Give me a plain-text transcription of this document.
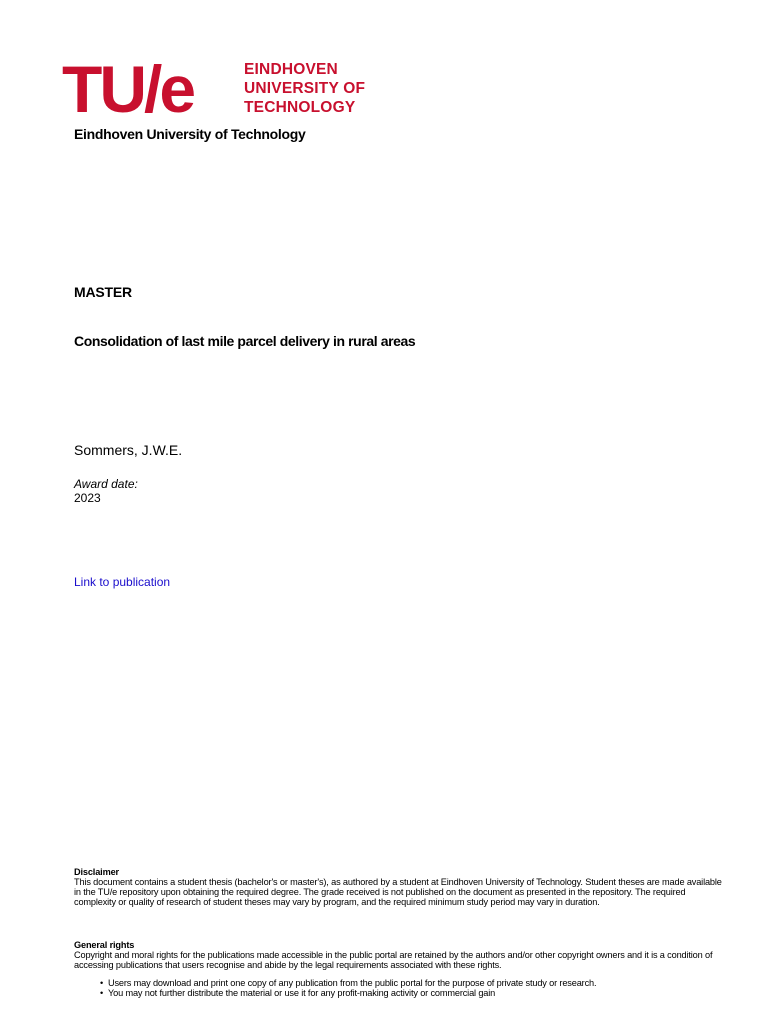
TU/e	EINDHOVEN
UNIVERSITY OF
TECHNOLOGY
Eindhoven University of Technology
MASTER
Consolidation of last mile parcel delivery in rural areas
Sommers, J.W.E.
Award date:
2023
Link to publication
Disclaimer
This document contains a student thesis (bachelor's or master's), as authored by a student at Eindhoven University of Technology. Student theses are made available in the TU/e repository upon obtaining the required degree. The grade received is not published on the document as presented in the repository. The required complexity or quality of research of student theses may vary by program, and the required minimum study period may vary in duration.
General rights
Copyright and moral rights for the publications made accessible in the public portal are retained by the authors and/or other copyright owners and it is a condition of accessing publications that users recognise and abide by the legal requirements associated with these rights.
• Users may download and print one copy of any publication from the public portal for the purpose of private study or research.
• You may not further distribute the material or use it for any profit-making activity or commercial gain
